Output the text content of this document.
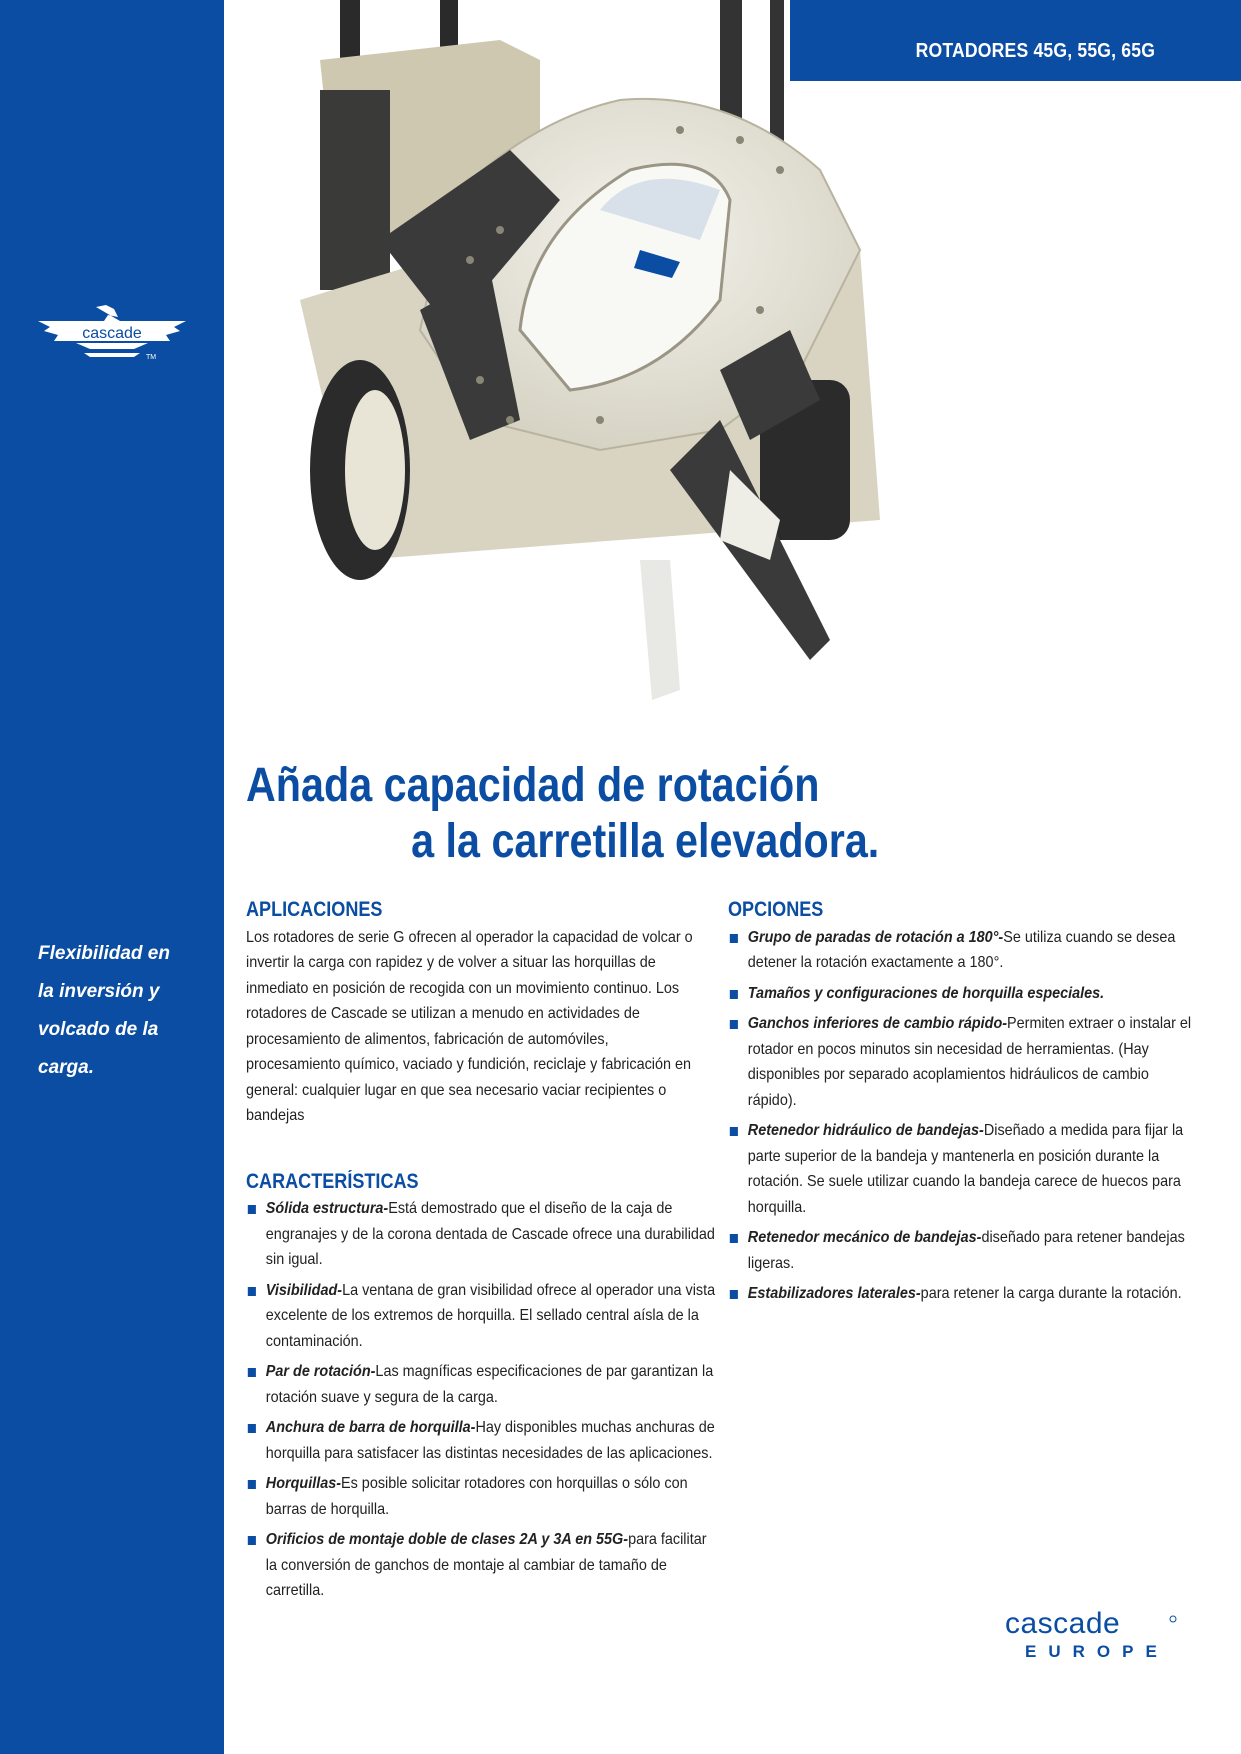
cascade
TM
Flexibilidad en
la inversión y
volcado de la
carga.
ROTADORES 45G, 55G, 65G
Añada capacidad de rotación
a la carretilla elevadora.
APLICACIONES

Los rotadores de serie G ofrecen al operador la capacidad de volcar o invertir la carga con rapidez y de volver a situar las horquillas de inmediato en posición de recogida con un movimiento continuo. Los rotadores de Cascade se utilizan a menudo en actividades de procesamiento de alimentos, fabricación de automóviles, procesamiento químico, vaciado y fundición, reciclaje y fabricación en general: cualquier lugar en que sea necesario vaciar recipientes o bandejas

CARACTERÍSTICAS
Sólida estructura-Está demostrado que el diseño de la caja de engranajes y de la corona dentada de Cascade ofrece una durabilidad sin igual.
Visibilidad-La ventana de gran visibilidad ofrece al operador una vista excelente de los extremos de horquilla. El sellado central aísla de la contaminación.
Par de rotación-Las magníficas especificaciones de par garantizan la rotación suave y segura de la carga.
Anchura de barra de horquilla-Hay disponibles muchas anchuras de horquilla para satisfacer las distintas necesidades de las aplicaciones.
Horquillas-Es posible solicitar rotadores con horquillas o sólo con barras de horquilla.
Orificios de montaje doble de clases 2A y 3A en 55G-para facilitar la conversión de ganchos de montaje al cambiar de tamaño de carretilla.
OPCIONES
Grupo de paradas de rotación a 180°-Se utiliza cuando se desea detener la rotación exactamente a 180°.
Tamaños y configuraciones de horquilla especiales.
Ganchos inferiores de cambio rápido-Permiten extraer o instalar el rotador en pocos minutos sin necesidad de herramientas. (Hay disponibles por separado acoplamientos hidráulicos de cambio rápido).
Retenedor hidráulico de bandejas-Diseñado a medida para fijar la parte superior de la bandeja y mantenerla en posición durante la rotación. Se suele utilizar cuando la bandeja carece de huecos para horquilla.
Retenedor mecánico de bandejas-diseñado para retener bandejas ligeras.
Estabilizadores laterales-para retener la carga durante la rotación.
cascade
EUROPE
